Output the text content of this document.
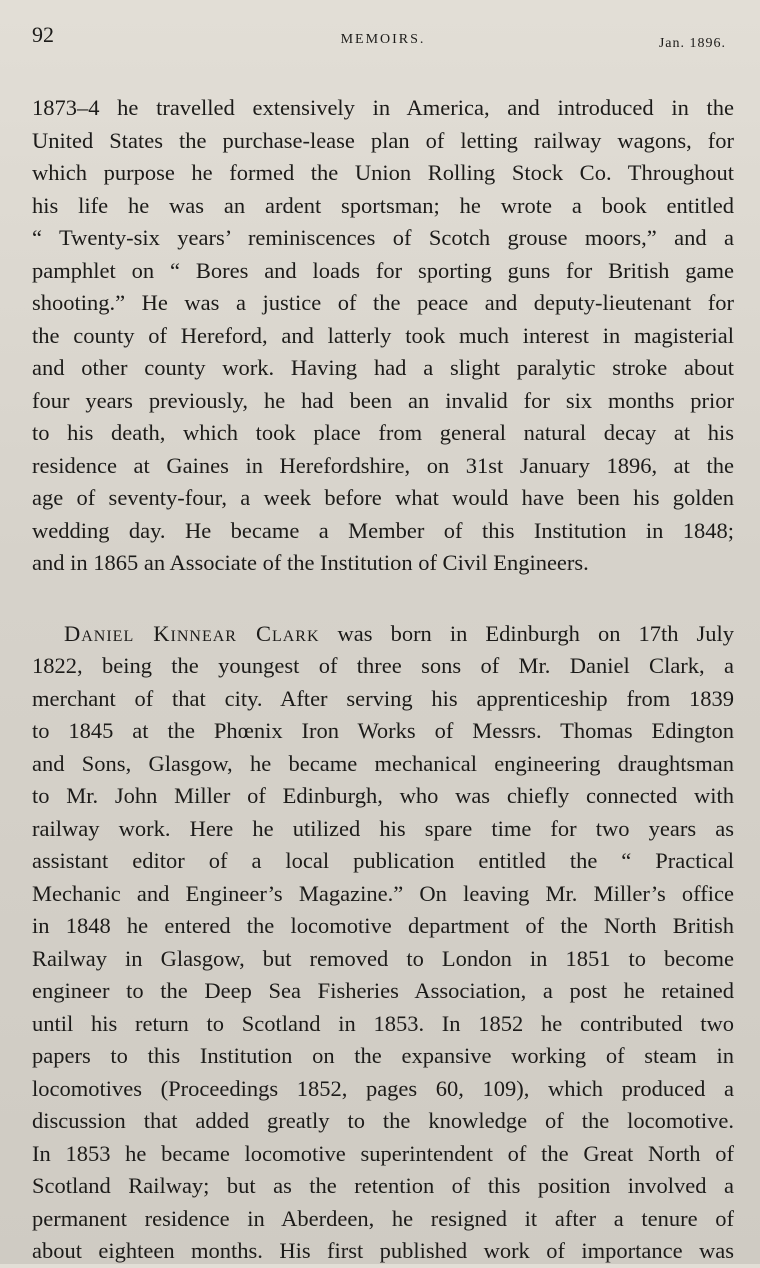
92	MEMOIRS.	Jan. 1896.
1873–4 he travelled extensively in America, and introduced in the
United States the purchase-lease plan of letting railway wagons, for
which purpose he formed the Union Rolling Stock Co. Throughout
his life he was an ardent sportsman; he wrote a book entitled
“ Twenty-six years’ reminiscences of Scotch grouse moors,” and a
pamphlet on “ Bores and loads for sporting guns for British game
shooting.” He was a justice of the peace and deputy-lieutenant for
the county of Hereford, and latterly took much interest in magisterial
and other county work. Having had a slight paralytic stroke about
four years previously, he had been an invalid for six months prior
to his death, which took place from general natural decay at his
residence at Gaines in Herefordshire, on 31st January 1896, at the
age of seventy-four, a week before what would have been his golden
wedding day. He became a Member of this Institution in 1848;
and in 1865 an Associate of the Institution of Civil Engineers.
Daniel Kinnear Clark was born in Edinburgh on 17th July
1822, being the youngest of three sons of Mr. Daniel Clark, a
merchant of that city. After serving his apprenticeship from 1839
to 1845 at the Phœnix Iron Works of Messrs. Thomas Edington
and Sons, Glasgow, he became mechanical engineering draughtsman
to Mr. John Miller of Edinburgh, who was chiefly connected with
railway work. Here he utilized his spare time for two years as
assistant editor of a local publication entitled the “ Practical
Mechanic and Engineer’s Magazine.” On leaving Mr. Miller’s office
in 1848 he entered the locomotive department of the North British
Railway in Glasgow, but removed to London in 1851 to become
engineer to the Deep Sea Fisheries Association, a post he retained
until his return to Scotland in 1853. In 1852 he contributed two
papers to this Institution on the expansive working of steam in
locomotives (Proceedings 1852, pages 60, 109), which produced a
discussion that added greatly to the knowledge of the locomotive.
In 1853 he became locomotive superintendent of the Great North of
Scotland Railway; but as the retention of this position involved a
permanent residence in Aberdeen, he resigned it after a tenure of
about eighteen months. His first published work of importance was
